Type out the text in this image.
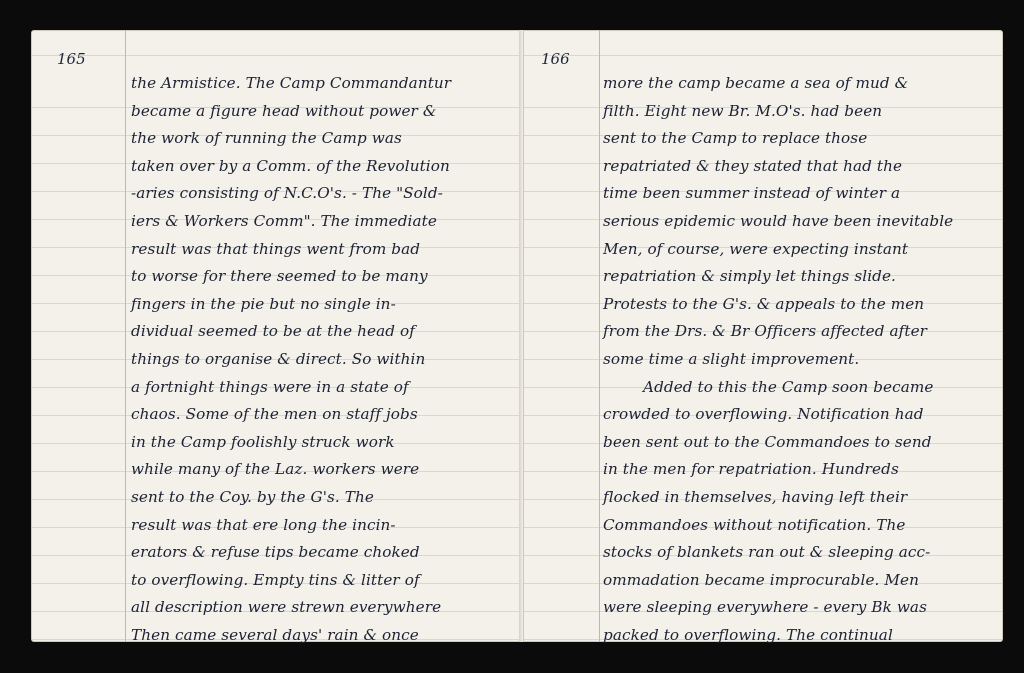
165
the Armistice. The Camp Commandantur
became a figure head without power &
the work of running the Camp was
taken over by a Comm. of the Revolution
-aries consisting of N.C.O's. - The "Sold-
iers & Workers Comm". The immediate
result was that things went from bad
to worse for there seemed to be many
fingers in the pie but no single in-
dividual seemed to be at the head of
things to organise & direct. So within
a fortnight things were in a state of
chaos. Some of the men on staff jobs
in the Camp foolishly struck work
while many of the Laz. workers were
sent to the Coy. by the G's. The
result was that ere long the incin-
erators & refuse tips became choked
to overflowing. Empty tins & litter of
all description were strewn everywhere
Then came several days' rain & once
166
more the camp became a sea of mud &
filth. Eight new Br. M.O's. had been
sent to the Camp to replace those
repatriated & they stated that had the
time been summer instead of winter a
serious epidemic would have been inevitable
Men, of course, were expecting instant
repatriation & simply let things slide.
Protests to the G's. & appeals to the men
from the Drs. & Br Officers affected after
some time a slight improvement.
Added to this the Camp soon became
crowded to overflowing. Notification had
been sent out to the Commandoes to send
in the men for repatriation. Hundreds
flocked in themselves, having left their
Commandoes without notification. The
stocks of blankets ran out & sleeping acc-
ommadation became improcurable. Men
were sleeping everywhere - every Bk was
packed to overflowing. The continual
